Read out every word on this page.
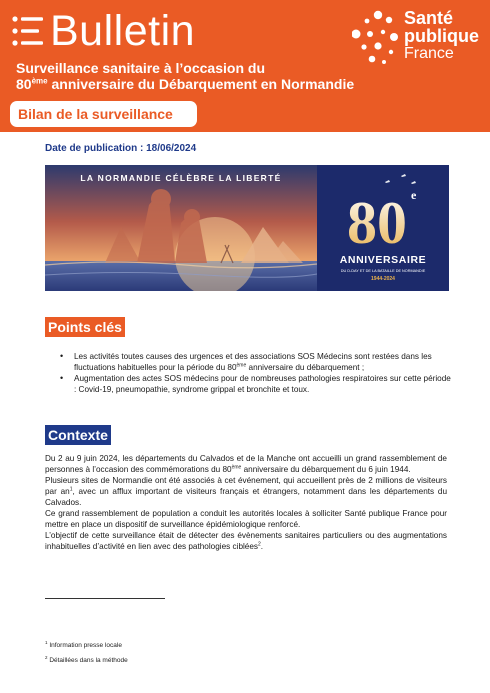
Bulletin
Surveillance sanitaire à l’occasion du
80ème anniversaire du Débarquement en Normandie
Santé
publique
France
Bilan de la surveillance
Date de publication : 18/06/2024
LA NORMANDIE CÉLÈBRE LA LIBERTÉ
80 e
ANNIVERSAIRE
DU D-DAY ET DE LA BATAILLE DE NORMANDIE
1944-2024
Points clés
• Les activités toutes causes des urgences et des associations SOS Médecins sont restées dans les fluctuations habituelles pour la période du 80ème anniversaire du débarquement ;
• Augmentation des actes SOS médecins pour de nombreuses pathologies respiratoires sur cette période : Covid-19, pneumopathie, syndrome grippal et bronchite et toux.
Contexte

Du 2 au 9 juin 2024, les départements du Calvados et de la Manche ont accueilli un grand rassemblement de personnes à l’occasion des commémorations du 80ème anniversaire du débarquement du 6 juin 1944.

Plusieurs sites de Normandie ont été associés à cet événement, qui accueillent près de 2 millions de visiteurs par $an^1$, avec un afflux important de visiteurs français et étrangers, notamment dans les départements du Calvados.

Ce grand rassemblement de population a conduit les autorités locales à solliciter Santé publique France pour mettre en place un dispositif de surveillance épidémiologique renforcé.

L’objectif de cette surveillance était de détecter des évènements sanitaires particuliers ou des augmentations inhabituelles d’activité en lien avec des pathologies ciblées$^2$.

$^1$ Information presse locale
$^2$ Détaillées dans la méthode
